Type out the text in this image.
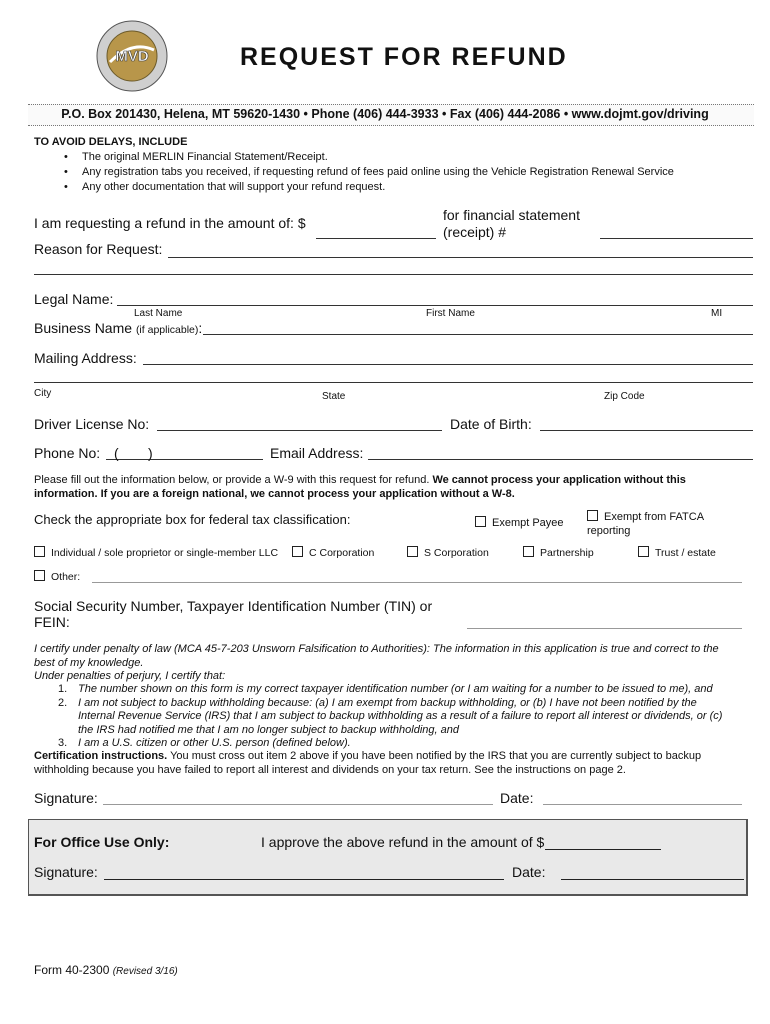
MVD	REQUEST FOR REFUND
P.O. Box 201430, Helena, MT 59620-1430 • Phone (406) 444-3933 • Fax (406) 444-2086 • www.dojmt.gov/driving
TO AVOID DELAYS, INCLUDE
• The original MERLIN Financial Statement/Receipt.
• Any registration tabs you received, if requesting refund of fees paid online using the Vehicle Registration Renewal Service
• Any other documentation that will support your refund request.
I am requesting a refund in the amount of: $	for financial statement
(receipt) #
Reason for Request:
Legal Name:
Last Name	First Name	MI
Business Name (if applicable):
Mailing Address:
City	State	Zip Code
Driver License No:	Date of Birth:
Phone No: ( )	Email Address:
Please fill out the information below, or provide a W-9 with this request for refund. We cannot process your application without this information. If you are a foreign national, we cannot process your application without a W-8.
Check the appropriate box for federal tax classification:	Exempt Payee	Exempt from FATCA
reporting
Individual / sole proprietor or single-member LLC	C Corporation	S Corporation	Partnership	Trust / estate
Other:
Social Security Number, Taxpayer Identification Number (TIN) or
FEIN:
I certify under penalty of law (MCA 45-7-203 Unsworn Falsification to Authorities): The information in this application is true and correct to the best of my knowledge.
Under penalties of perjury, I certify that:
1. The number shown on this form is my correct taxpayer identification number (or I am waiting for a number to be issued to me), and
2. I am not subject to backup withholding because: (a) I am exempt from backup withholding, or (b) I have not been notified by the Internal Revenue Service (IRS) that I am subject to backup withholding as a result of a failure to report all interest or dividends, or (c) the IRS had notified me that I am no longer subject to backup withholding, and
3. I am a U.S. citizen or other U.S. person (defined below).
Certification instructions. You must cross out item 2 above if you have been notified by the IRS that you are currently subject to backup withholding because you have failed to report all interest and dividends on your tax return. See the instructions on page 2.
Signature:	Date:
For Office Use Only:	I approve the above refund in the amount of $
Signature:	Date:
Form 40-2300 (Revised 3/16)
